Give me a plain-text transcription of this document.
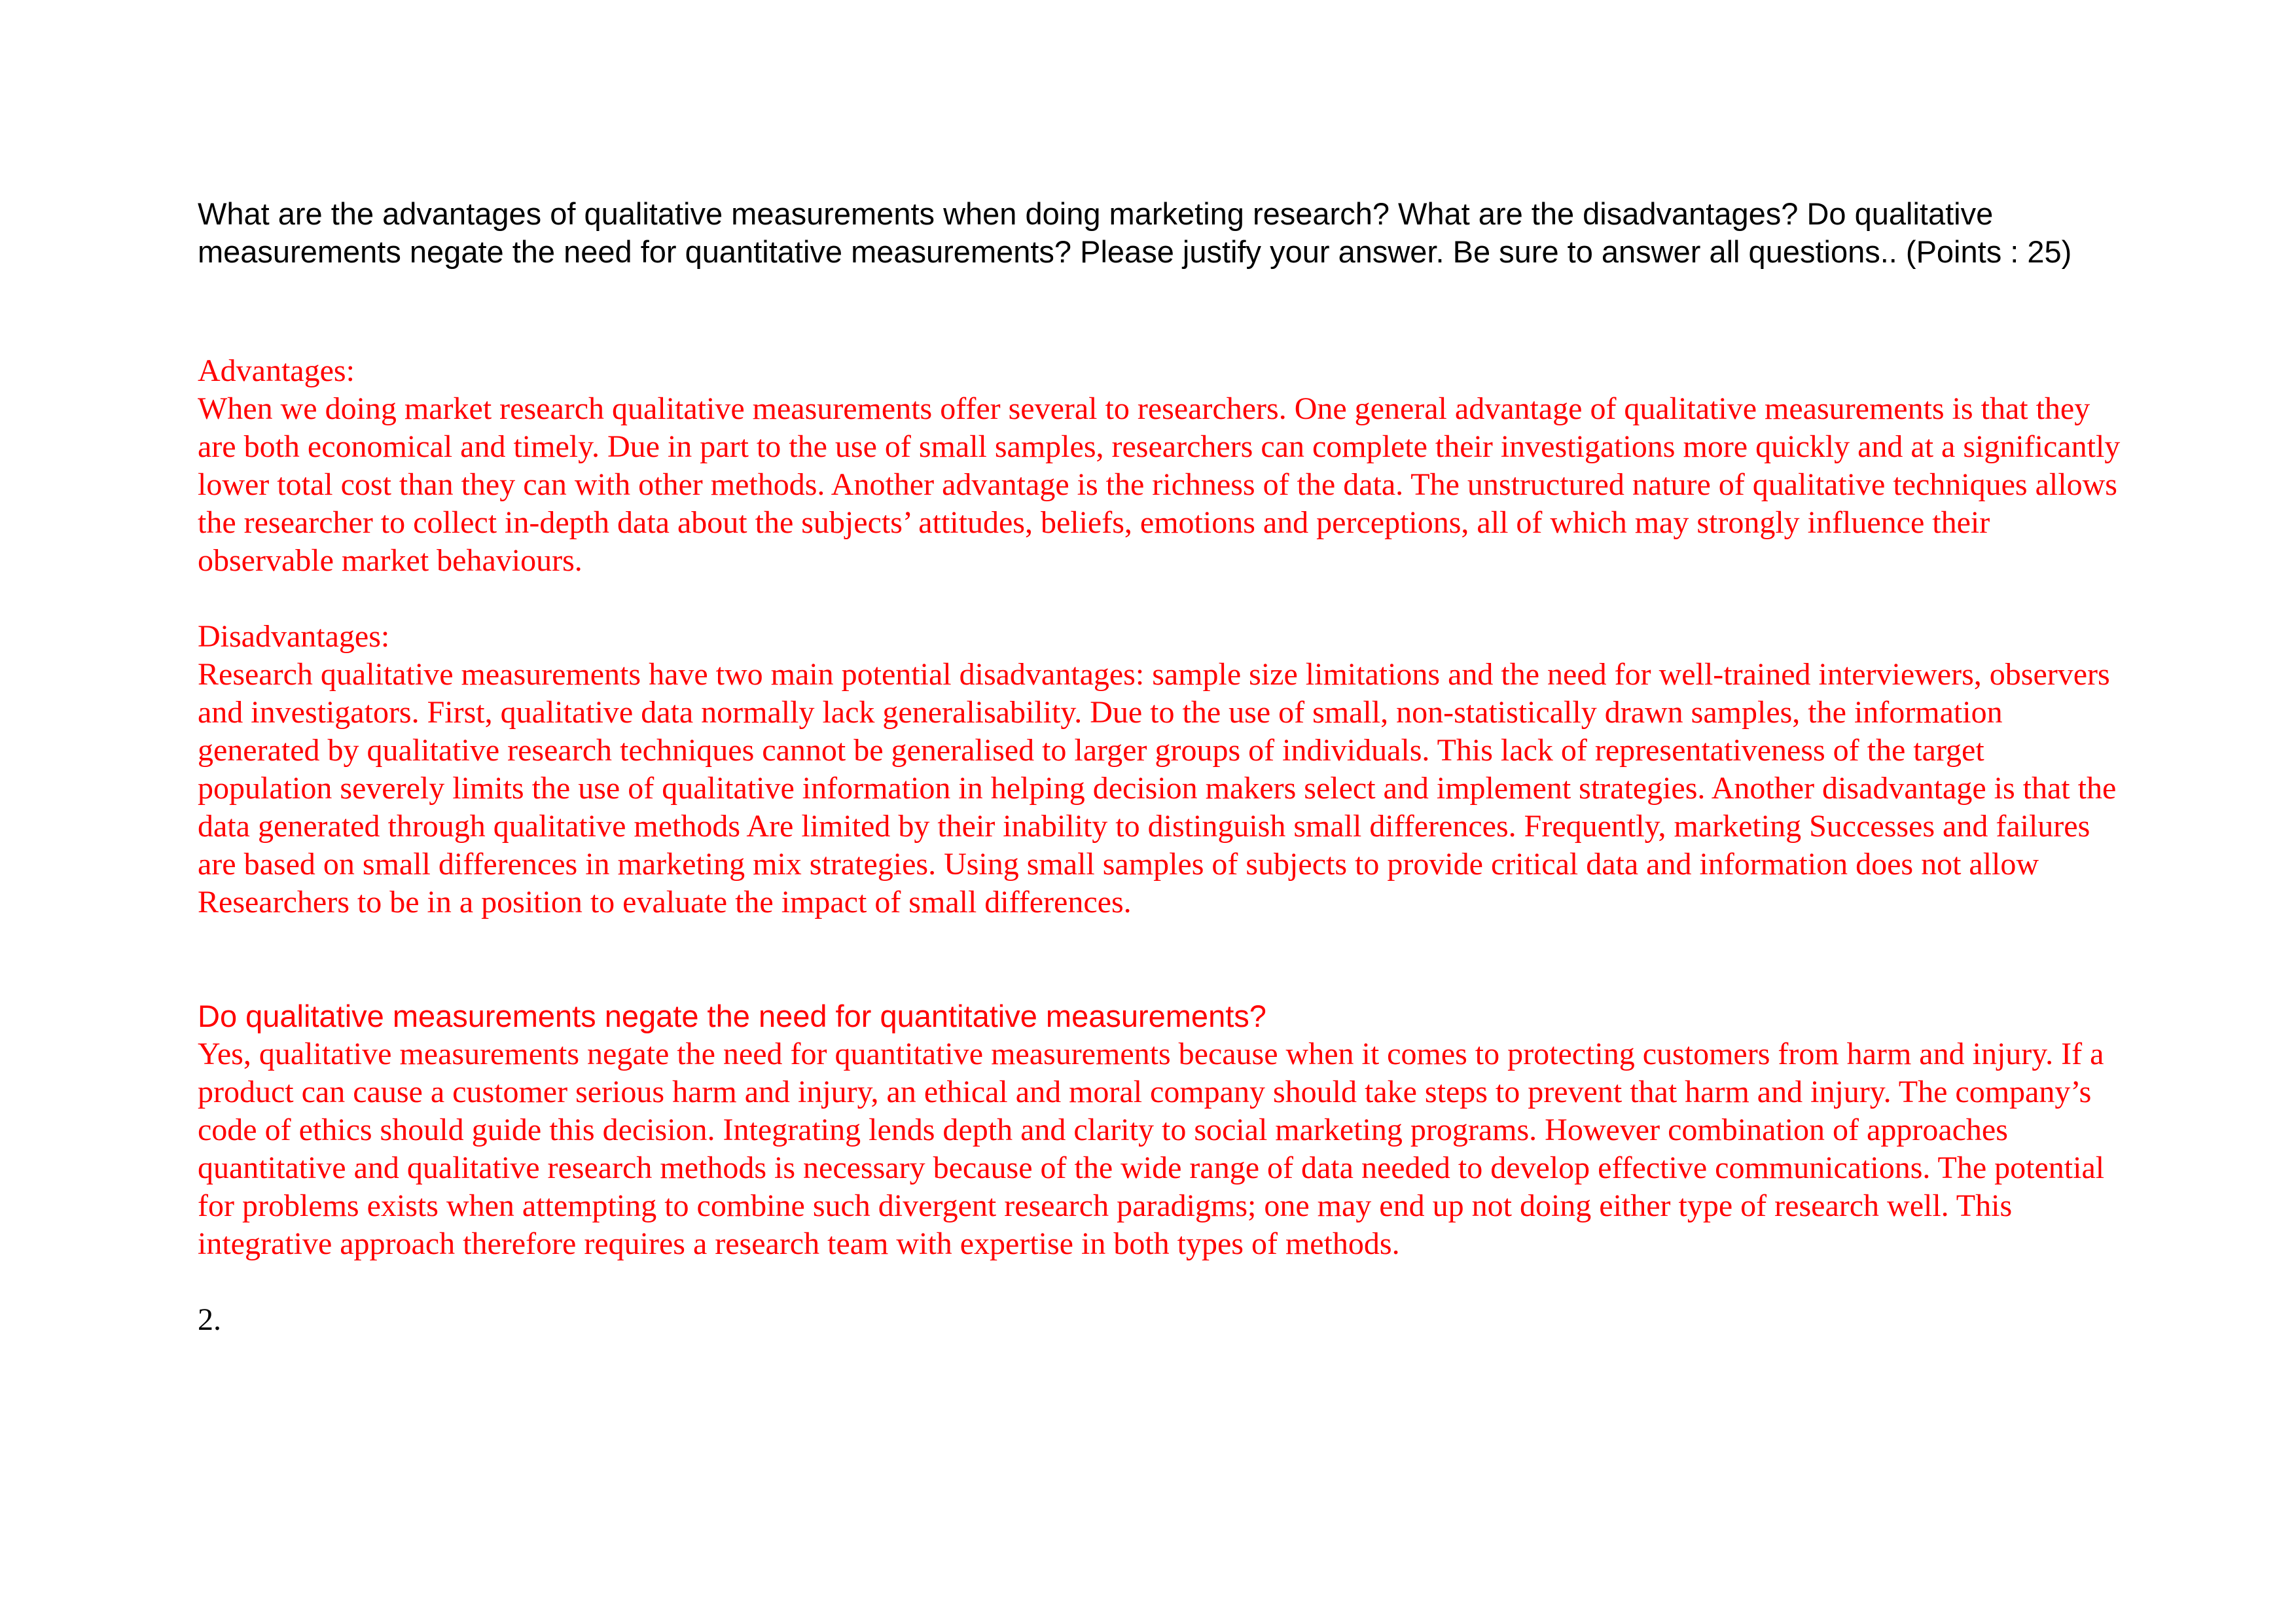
What are the advantages of qualitative measurements when doing marketing research? What are the disadvantages? Do qualitative measurements negate the need for quantitative measurements? Please justify your answer. Be sure to answer all questions.. (Points : 25)

Advantages:

When we doing market research qualitative measurements offer several to researchers. One general advantage of qualitative measurements is that they are both economical and timely. Due in part to the use of small samples, researchers can complete their investigations more quickly and at a significantly lower total cost than they can with other methods. Another advantage is the richness of the data. The unstructured nature of qualitative techniques allows the researcher to collect in-depth data about the subjects’ attitudes, beliefs, emotions and perceptions, all of which may strongly influence their observable market behaviours.

Disadvantages:

Research qualitative measurements have two main potential disadvantages: sample size limitations and the need for well-trained interviewers, observers and investigators. First, qualitative data normally lack generalisability. Due to the use of small, non-statistically drawn samples, the information generated by qualitative research techniques cannot be generalised to larger groups of individuals. This lack of representativeness of the target population severely limits the use of qualitative information in helping decision makers select and implement strategies. Another disadvantage is that the data generated through qualitative methods Are limited by their inability to distinguish small differences. Frequently, marketing Successes and failures are based on small differences in marketing mix strategies. Using small samples of subjects to provide critical data and information does not allow Researchers to be in a position to evaluate the impact of small differences.

Do qualitative measurements negate the need for quantitative measurements?

Yes, qualitative measurements negate the need for quantitative measurements because when it comes to protecting customers from harm and injury. If a product can cause a customer serious harm and injury, an ethical and moral company should take steps to prevent that harm and injury. The company’s code of ethics should guide this decision. Integrating lends depth and clarity to social marketing programs. However combination of approaches quantitative and qualitative research methods is necessary because of the wide range of data needed to develop effective communications. The potential for problems exists when attempting to combine such divergent research paradigms; one may end up not doing either type of research well. This integrative approach therefore requires a research team with expertise in both types of methods.

2.
